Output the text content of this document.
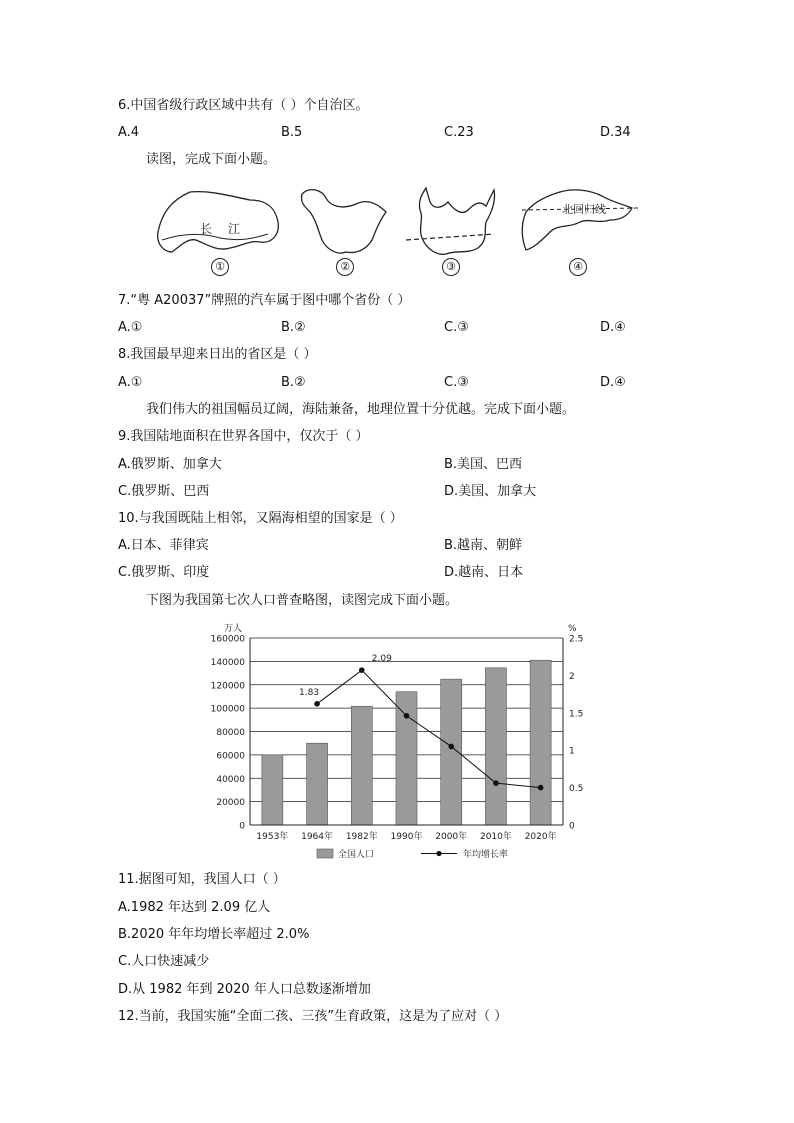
6.中国省级行政区域中共有（ ）个自治区。
A.4	B.5	C.23	D.34
读图，完成下面小题。
长 江
北回归线
①	②	③	④
7.“粤 A20037”牌照的汽车属于图中哪个省份（ ）
A.①	B.②	C.③	D.④
8.我国最早迎来日出的省区是（ ）
A.①	B.②	C.③	D.④
我们伟大的祖国幅员辽阔，海陆兼备，地理位置十分优越。完成下面小题。
9.我国陆地面积在世界各国中，仅次于（ ）
A.俄罗斯、加拿大	B.美国、巴西
C.俄罗斯、巴西	D.美国、加拿大
10.与我国既陆上相邻，又隔海相望的国家是（ ）
A.日本、菲律宾	B.越南、朝鲜
C.俄罗斯、印度	D.越南、日本
下图为我国第七次人口普查略图，读图完成下面小题。
0
20000
40000
60000
80000
100000
120000
140000
160000
0
0.5
1
1.5
2
2.5
万人	%
1953年 1964年 1982年 1990年 2000年 2010年 2020年
1.83
2.09
全国人口	年均增长率
11.据图可知，我国人口（ ）
A.1982 年达到 2.09 亿人
B.2020 年年均增长率超过 2.0%
C.人口快速减少
D.从 1982 年到 2020 年人口总数逐渐增加
12.当前，我国实施“全面二孩、三孩”生育政策，这是为了应对（ ）
